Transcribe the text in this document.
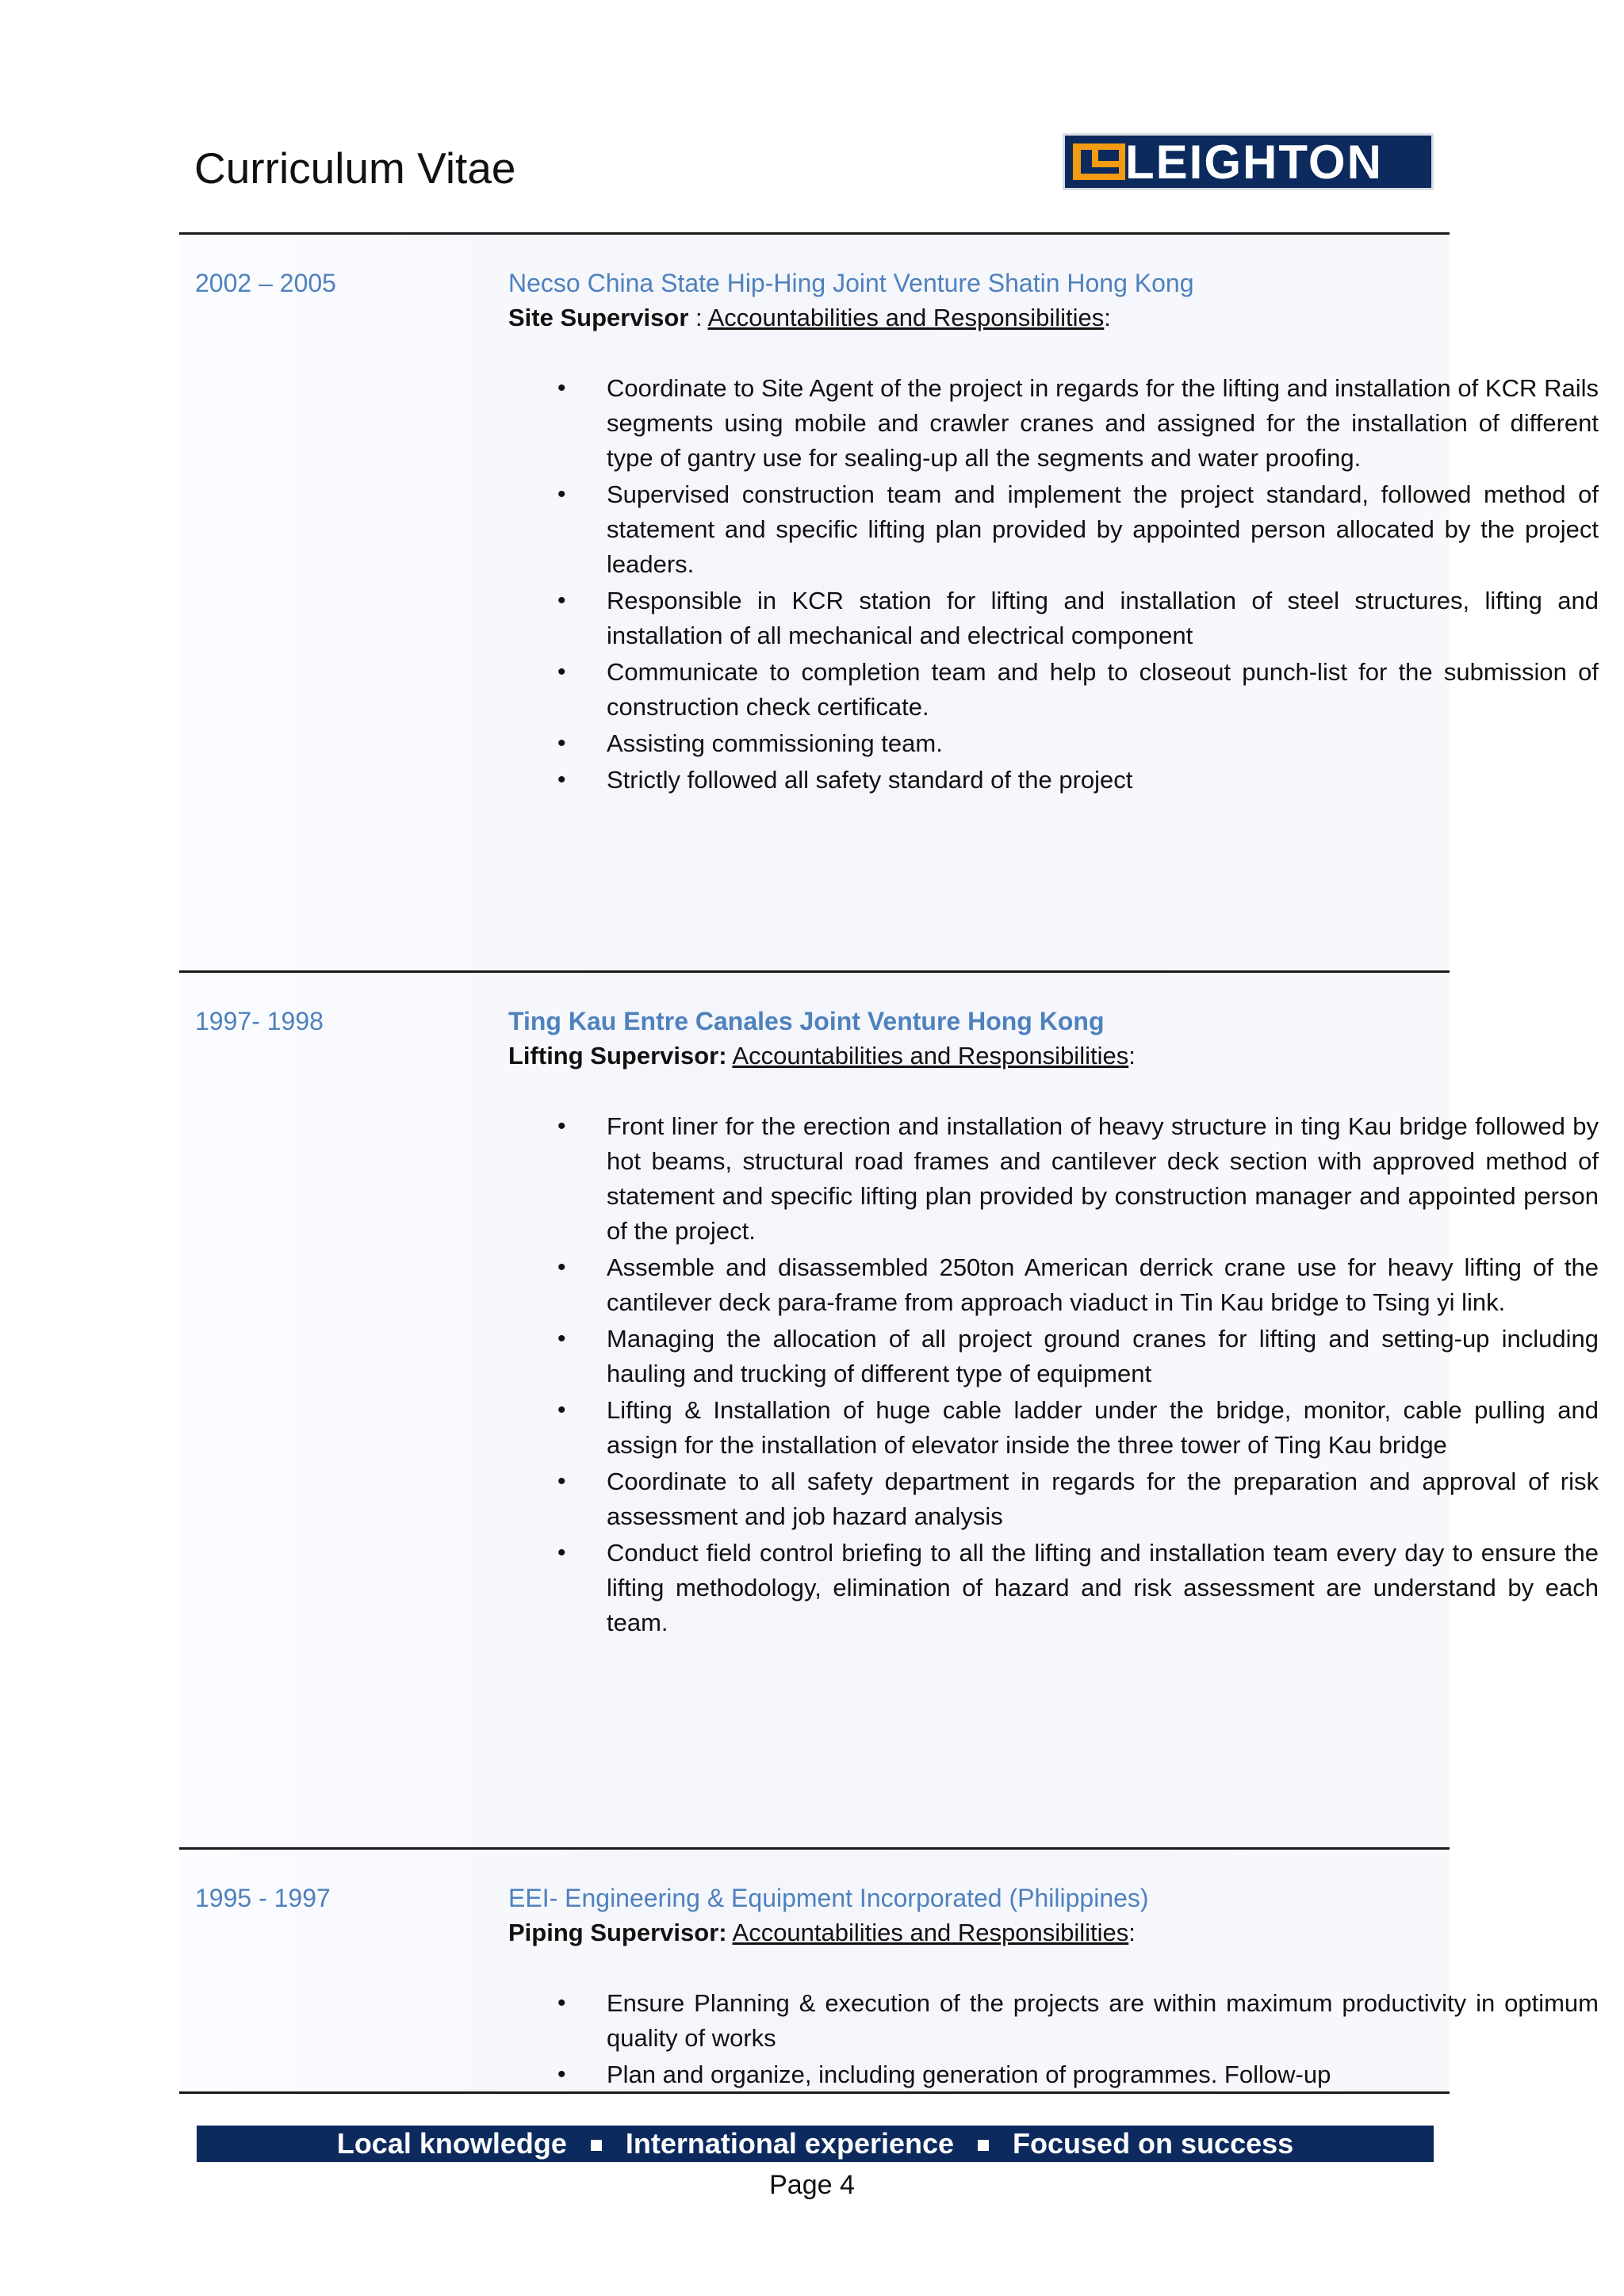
Curriculum Vitae	LEIGHTON
2002 – 2005	Necso China State Hip-Hing Joint Venture Shatin Hong Kong

Site Supervisor : Accountabilities and Responsibilities:

• Coordinate to Site Agent of the project in regards for the lifting and installation of KCR Rails segments using mobile and crawler cranes and assigned for the installation of different type of gantry use for sealing-up all the segments and water proofing.
• Supervised construction team and implement the project standard, followed method of statement and specific lifting plan provided by appointed person allocated by the project leaders.
• Responsible in KCR station for lifting and installation of steel structures, lifting and installation of all mechanical and electrical component
• Communicate to completion team and help to closeout punch-list for the submission of construction check certificate.
• Assisting commissioning team.
• Strictly followed all safety standard of the project
1997- 1998	Ting Kau Entre Canales Joint Venture Hong Kong

Lifting Supervisor: Accountabilities and Responsibilities:

• Front liner for the erection and installation of heavy structure in ting Kau bridge followed by hot beams, structural road frames and cantilever deck section with approved method of statement and specific lifting plan provided by construction manager and appointed person of the project.
• Assemble and disassembled 250ton American derrick crane use for heavy lifting of the cantilever deck para-frame from approach viaduct in Tin Kau bridge to Tsing yi link.
• Managing the allocation of all project ground cranes for lifting and setting-up including hauling and trucking of different type of equipment
• Lifting & Installation of huge cable ladder under the bridge, monitor, cable pulling and assign for the installation of elevator inside the three tower of Ting Kau bridge
• Coordinate to all safety department in regards for the preparation and approval of risk assessment and job hazard analysis
• Conduct field control briefing to all the lifting and installation team every day to ensure the lifting methodology, elimination of hazard and risk assessment are understand by each team.
1995 - 1997	EEI- Engineering & Equipment Incorporated (Philippines)

Piping Supervisor: Accountabilities and Responsibilities:

• Ensure Planning & execution of the projects are within maximum productivity in optimum quality of works
• Plan and organize, including generation of programmes. Follow-up
Local knowledge International experience Focused on success
Page 4
